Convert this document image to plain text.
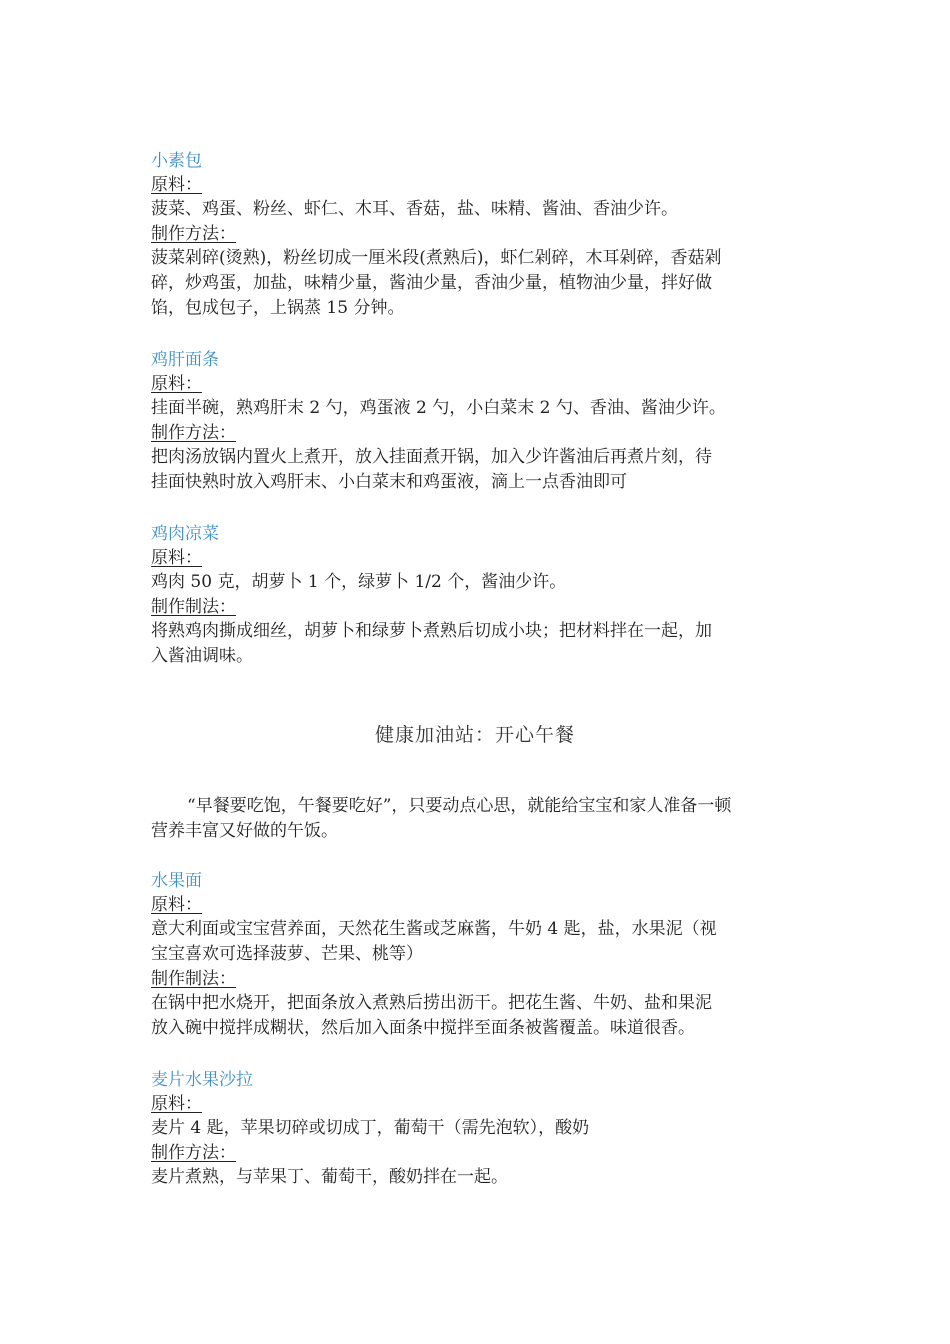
小素包
原料：
菠菜、鸡蛋、粉丝、虾仁、木耳、香菇，盐、味精、酱油、香油少许。
制作方法：
菠菜剁碎(烫熟)，粉丝切成一厘米段(煮熟后)，虾仁剁碎，木耳剁碎，香菇剁
碎，炒鸡蛋，加盐，味精少量，酱油少量，香油少量，植物油少量，拌好做
馅，包成包子，上锅蒸 15 分钟。
鸡肝面条
原料：
挂面半碗，熟鸡肝末 2 勺，鸡蛋液 2 勺，小白菜末 2 勺、香油、酱油少许。
制作方法：
把肉汤放锅内置火上煮开，放入挂面煮开锅，加入少许酱油后再煮片刻，待
挂面快熟时放入鸡肝末、小白菜末和鸡蛋液，滴上一点香油即可
鸡肉凉菜
原料：
鸡肉 50 克，胡萝卜 1 个，绿萝卜 1/2 个，酱油少许。
制作制法：
将熟鸡肉撕成细丝，胡萝卜和绿萝卜煮熟后切成小块；把材料拌在一起，加
入酱油调味。
健康加油站：开心午餐
“早餐要吃饱，午餐要吃好”，只要动点心思，就能给宝宝和家人准备一顿
营养丰富又好做的午饭。
水果面
原料：
意大利面或宝宝营养面，天然花生酱或芝麻酱，牛奶 4 匙，盐，水果泥（视
宝宝喜欢可选择菠萝、芒果、桃等）
制作制法：
在锅中把水烧开，把面条放入煮熟后捞出沥干。把花生酱、牛奶、盐和果泥
放入碗中搅拌成糊状，然后加入面条中搅拌至面条被酱覆盖。味道很香。
麦片水果沙拉
原料：
麦片 4 匙，苹果切碎或切成丁，葡萄干（需先泡软），酸奶
制作方法：
麦片煮熟，与苹果丁、葡萄干，酸奶拌在一起。
